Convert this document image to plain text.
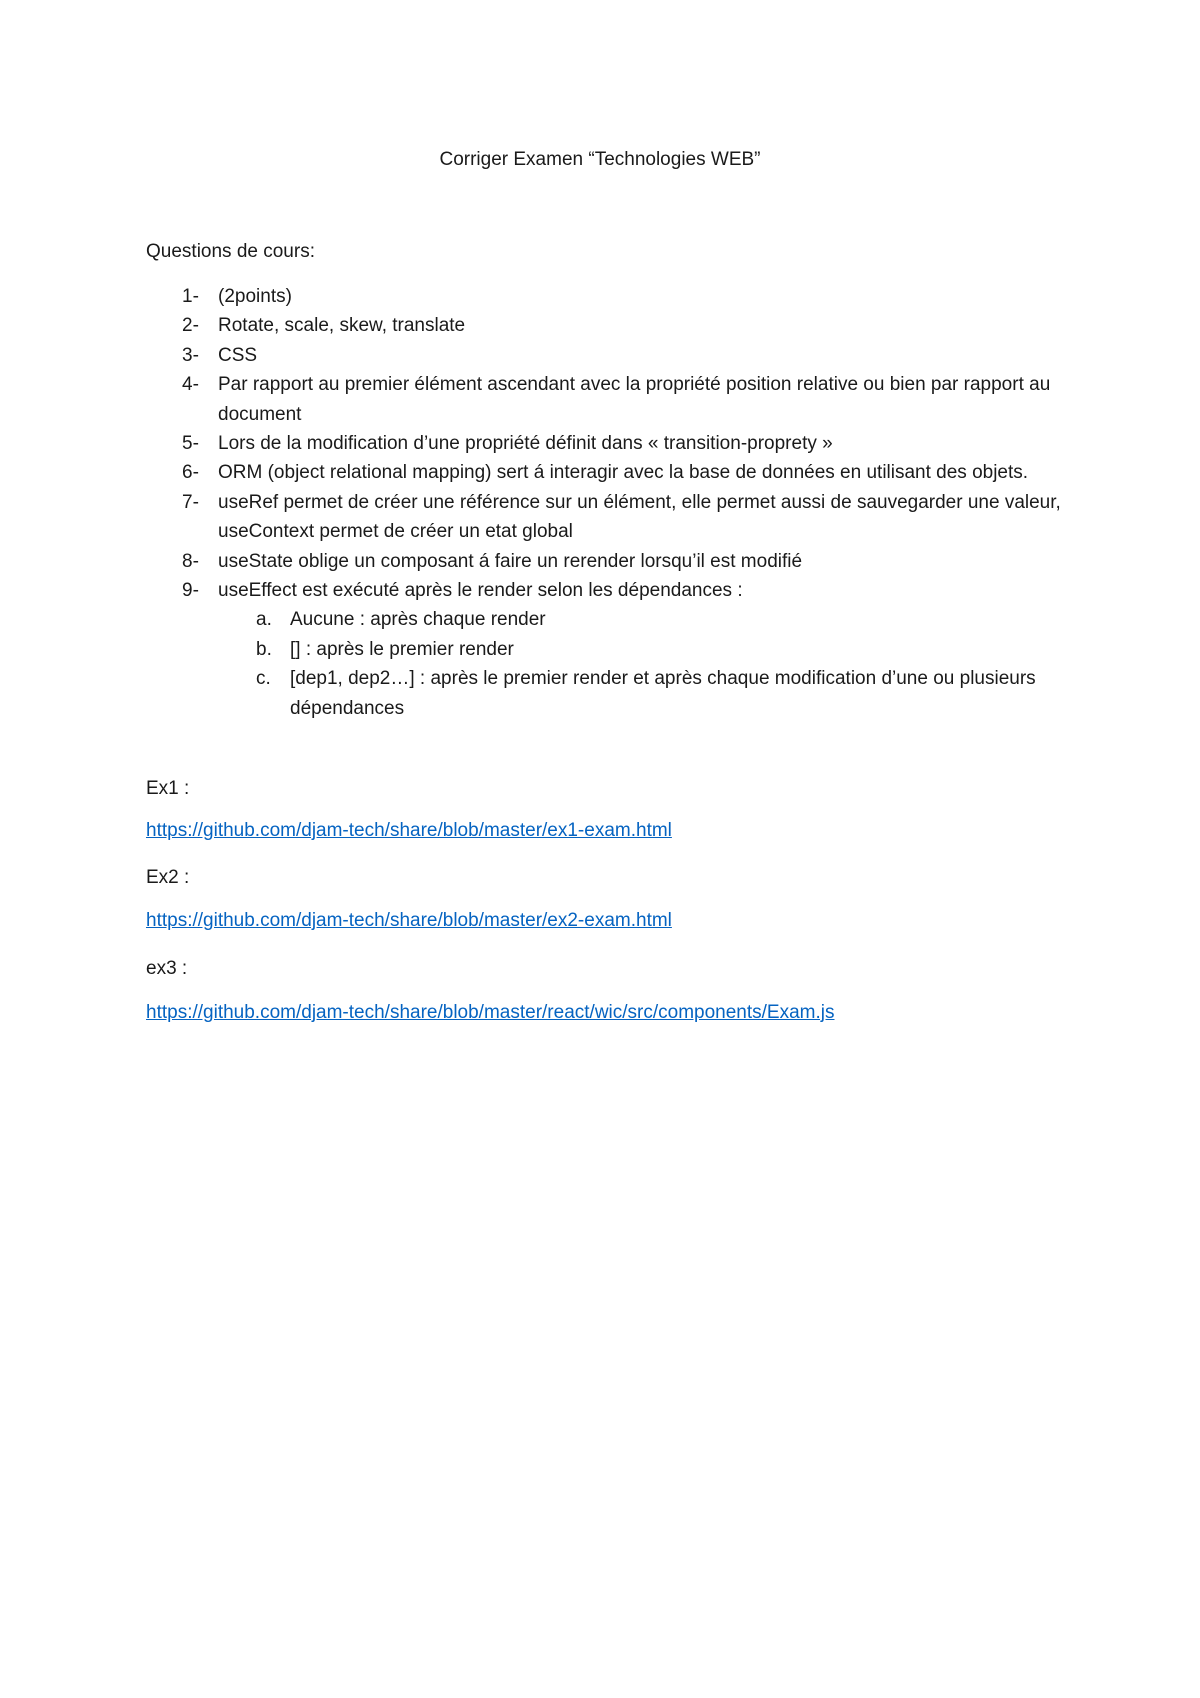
Corriger Examen “Technologies WEB”
Questions de cours:
1- (2points)
2- Rotate, scale, skew, translate
3- CSS
4- Par rapport au premier élément ascendant avec la propriété position relative ou bien par rapport au document
5- Lors de la modification d’une propriété définit dans « transition-proprety »
6- ORM (object relational mapping) sert á interagir avec la base de données en utilisant des objets.
7- useRef permet de créer une référence sur un élément, elle permet aussi de sauvegarder une valeur, useContext permet de créer un etat global
8- useState oblige un composant á faire un rerender lorsqu’il est modifié
9- useEffect est exécuté après le render selon les dépendances :
a. Aucune : après chaque render
b. [] : après le premier render
c. [dep1, dep2…] : après le premier render et après chaque modification d’une ou plusieurs dépendances
Ex1 :
https://github.com/djam-tech/share/blob/master/ex1-exam.html
Ex2 :
https://github.com/djam-tech/share/blob/master/ex2-exam.html
ex3 :
https://github.com/djam-tech/share/blob/master/react/wic/src/components/Exam.js
